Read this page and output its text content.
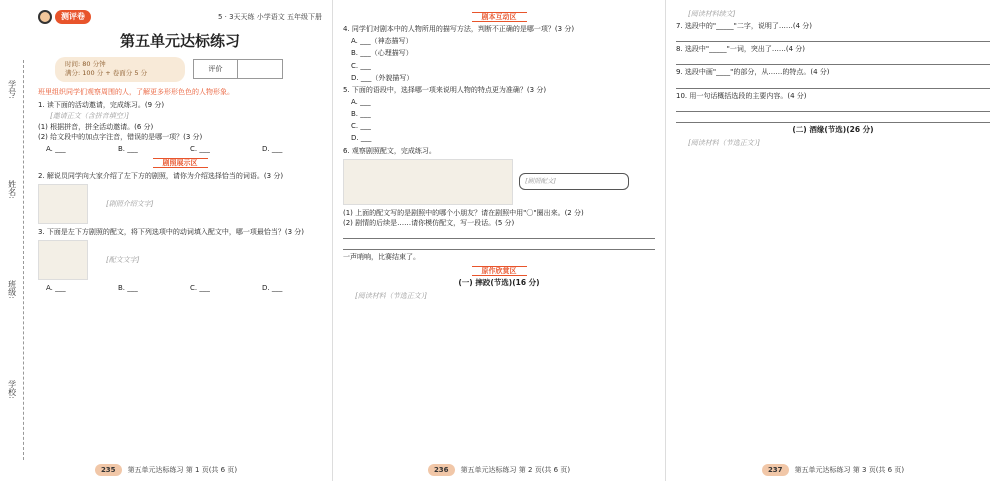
学号:
姓名:
班级:
学校:
测评卷	5 · 3天天练 小学语文 五年级下册
第五单元达标练习
时间: 80 分钟
满分: 100 分 + 卷面分 5 分
评价
班里组织同学们观察周围的人，了解更多形形色色的人物形象。
1. 读下面的活动邀请，完成练习。(9 分)
[邀请正文（含拼音填空）]
(1) 根据拼音，拼全活动邀请。(6 分)
(2) 给文段中的加点字注音，错误的是哪一项？(3 分)
A. ___	B. ___	C. ___	D. ___
剧照展示区
2. 解说员同学向大家介绍了左下方的剧照，请你为介绍选择恰当的词语。(3 分)
[剧照介绍文字]
3. 下面是左下方剧照的配文，将下列选项中的动词填入配文中，哪一项最恰当？(3 分)
[配文文字]
A. ___	B. ___	C. ___	D. ___
235	第五单元达标练习 第 1 页(共 6 页)
剧本互动区
4. 同学们对剧本中的人物所用的描写方法，判断不正确的是哪一项？(3 分)
A. ___（神态描写）
B. ___（心理描写）
C. ___
D. ___（外貌描写）
5. 下面的语段中，选择哪一项来说明人物的特点更为准确？(3 分)
A. ___
B. ___
C. ___
D. ___
6. 观察剧照配文，完成练习。
[剧照配文]
(1) 上面的配文写的是剧照中的哪个小朋友？请在剧照中用"〇"圈出来。(2 分)
(2) 剧情的后续是……请你模仿配文，写一段话。(5 分)
一声哨响，比赛结束了。
原作欣赏区
(一) 摔跤(节选)(16 分)
[阅读材料（节选正文）]
236	第五单元达标练习 第 2 页(共 6 页)
[阅读材料续文]
7. 选段中的"_____"二字，说明了……(4 分)
8. 选段中"_____"一词，突出了……(4 分)
9. 选段中画"____"的部分，从……的特点。(4 分)
10. 用一句话概括选段的主要内容。(4 分)
(二) 酒缘(节选)(26 分)
[阅读材料（节选正文）]
237	第五单元达标练习 第 3 页(共 6 页)
